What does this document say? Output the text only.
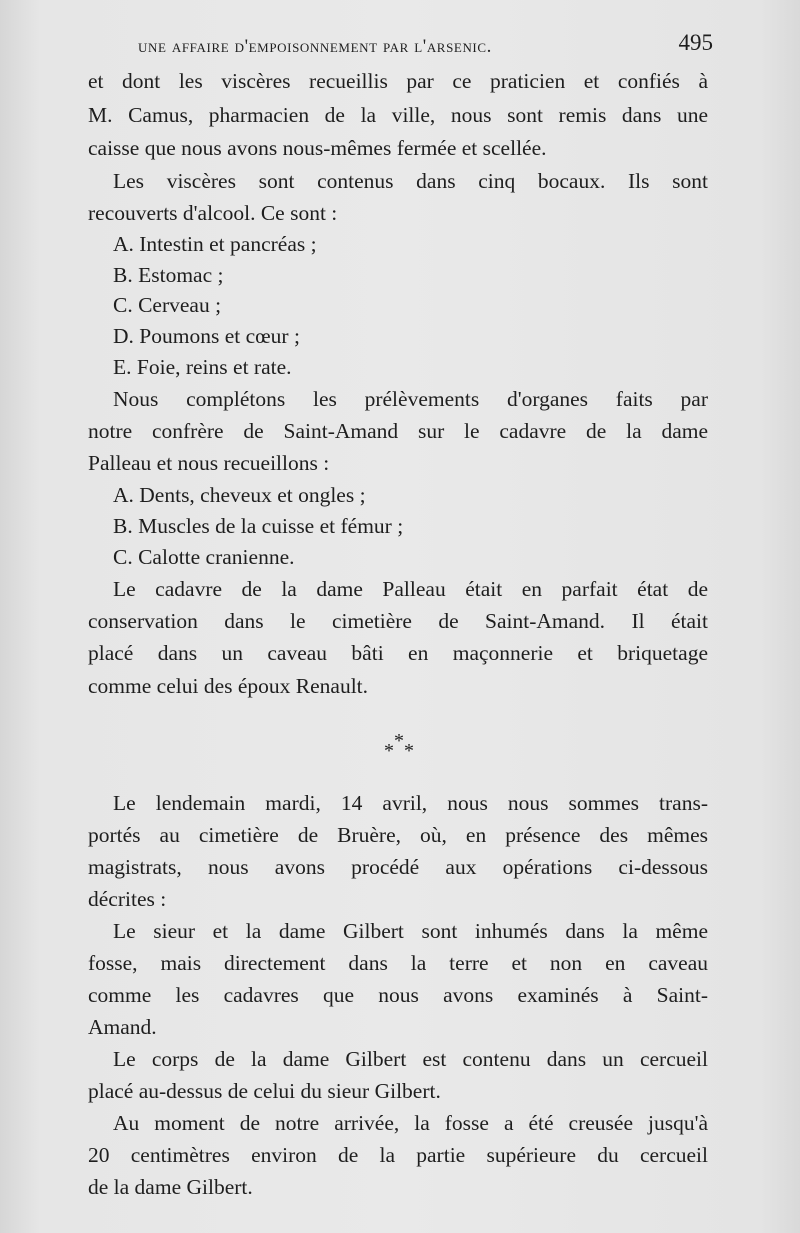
une affaire d'empoisonnement par l'arsenic.	495
et dont les viscères recueillis par ce praticien et confiés à
M. Camus, pharmacien de la ville, nous sont remis dans une
caisse que nous avons nous-mêmes fermée et scellée.
Les viscères sont contenus dans cinq bocaux. Ils sont
recouverts d'alcool. Ce sont :
A. Intestin et pancréas ;
B. Estomac ;
C. Cerveau ;
D. Poumons et cœur ;
E. Foie, reins et rate.
Nous complétons les prélèvements d'organes faits par
notre confrère de Saint-Amand sur le cadavre de la dame
Palleau et nous recueillons :
A. Dents, cheveux et ongles ;
B. Muscles de la cuisse et fémur ;
C. Calotte cranienne.
Le cadavre de la dame Palleau était en parfait état de
conservation dans le cimetière de Saint-Amand. Il était
placé dans un caveau bâti en maçonnerie et briquetage
comme celui des époux Renault.
*
* *
Le lendemain mardi, 14 avril, nous nous sommes trans-
portés au cimetière de Bruère, où, en présence des mêmes
magistrats, nous avons procédé aux opérations ci-dessous
décrites :
Le sieur et la dame Gilbert sont inhumés dans la même
fosse, mais directement dans la terre et non en caveau
comme les cadavres que nous avons examinés à Saint-
Amand.
Le corps de la dame Gilbert est contenu dans un cercueil
placé au-dessus de celui du sieur Gilbert.
Au moment de notre arrivée, la fosse a été creusée jusqu'à
20 centimètres environ de la partie supérieure du cercueil
de la dame Gilbert.
